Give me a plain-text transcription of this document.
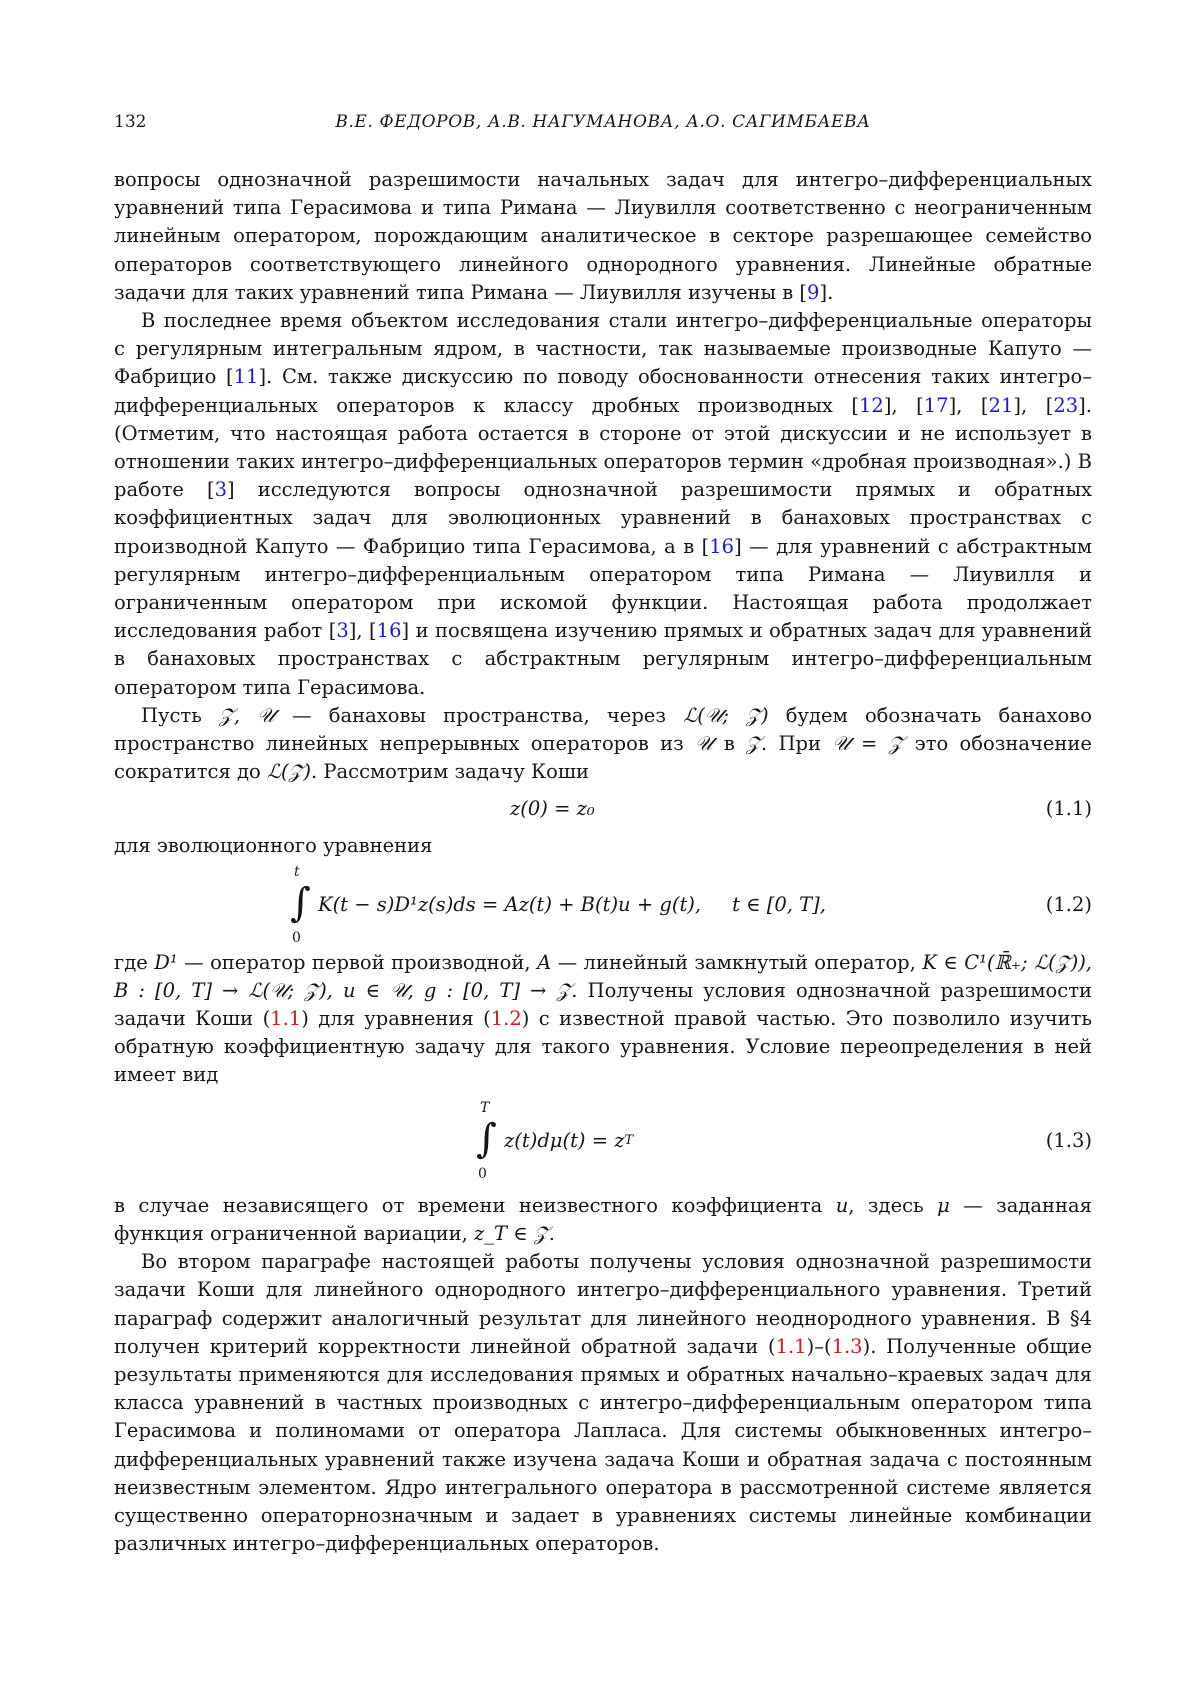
132	В.Е. ФЕДОРОВ, А.В. НАГУМАНОВА, А.О. САГИМБАЕВА

вопросы однозначной разрешимости начальных задач для интегро–дифференциальных уравнений типа Герасимова и типа Римана — Лиувилля соответственно с неограниченным линейным оператором, порождающим аналитическое в секторе разрешающее семейство операторов соответствующего линейного однородного уравнения. Линейные обратные задачи для таких уравнений типа Римана — Лиувилля изучены в [9].

В последнее время объектом исследования стали интегро–дифференциальные операторы с регулярным интегральным ядром, в частности, так называемые производные Капуто — Фабрицио [11]. См. также дискуссию по поводу обоснованности отнесения таких интегро–дифференциальных операторов к классу дробных производных [12], [17], [21], [23]. (Отметим, что настоящая работа остается в стороне от этой дискуссии и не использует в отношении таких интегро–дифференциальных операторов термин «дробная производная».) В работе [3] исследуются вопросы однозначной разрешимости прямых и обратных коэффициентных задач для эволюционных уравнений в банаховых пространствах с производной Капуто — Фабрицио типа Герасимова, а в [16] — для уравнений с абстрактным регулярным интегро–дифференциальным оператором типа Римана — Лиувилля и ограниченным оператором при искомой функции. Настоящая работа продолжает исследования работ [3], [16] и посвящена изучению прямых и обратных задач для уравнений в банаховых пространствах с абстрактным регулярным интегро–дифференциальным оператором типа Герасимова.

Пусть 𝒵, 𝒰 — банаховы пространства, через ℒ(𝒰; 𝒵) будем обозначать банахово пространство линейных непрерывных операторов из 𝒰 в 𝒵. При 𝒰 = 𝒵 это обозначение сократится до ℒ(𝒵). Рассмотрим задачу Коши

z(0) = z₀	(1.1)

для эволюционного уравнения

t
∫
0
K(t − s)D¹z(s)ds = Az(t) + B(t)u + g(t),     t ∈ [0, T],	(1.2)

где D¹ — оператор первой производной, A — линейный замкнутый оператор, K ∈ C¹(ℝ̄₊; ℒ(𝒵)), B : [0, T] → ℒ(𝒰; 𝒵), u ∈ 𝒰, g : [0, T] → 𝒵. Получены условия однозначной разрешимости задачи Коши (1.1) для уравнения (1.2) с известной правой частью. Это позволило изучить обратную коэффициентную задачу для такого уравнения. Условие переопределения в ней имеет вид

T
∫
0
z(t)dμ(t) = z T	(1.3)

в случае независящего от времени неизвестного коэффициента u, здесь μ — заданная функция ограниченной вариации, z_T ∈ 𝒵.

Во втором параграфе настоящей работы получены условия однозначной разрешимости задачи Коши для линейного однородного интегро–дифференциального уравнения. Третий параграф содержит аналогичный результат для линейного неоднородного уравнения. В §4 получен критерий корректности линейной обратной задачи (1.1)–(1.3). Полученные общие результаты применяются для исследования прямых и обратных начально–краевых задач для класса уравнений в частных производных с интегро–дифференциальным оператором типа Герасимова и полиномами от оператора Лапласа. Для системы обыкновенных интегро–дифференциальных уравнений также изучена задача Коши и обратная задача с постоянным неизвестным элементом. Ядро интегрального оператора в рассмотренной системе является существенно операторнозначным и задает в уравнениях системы линейные комбинации различных интегро–дифференциальных операторов.
